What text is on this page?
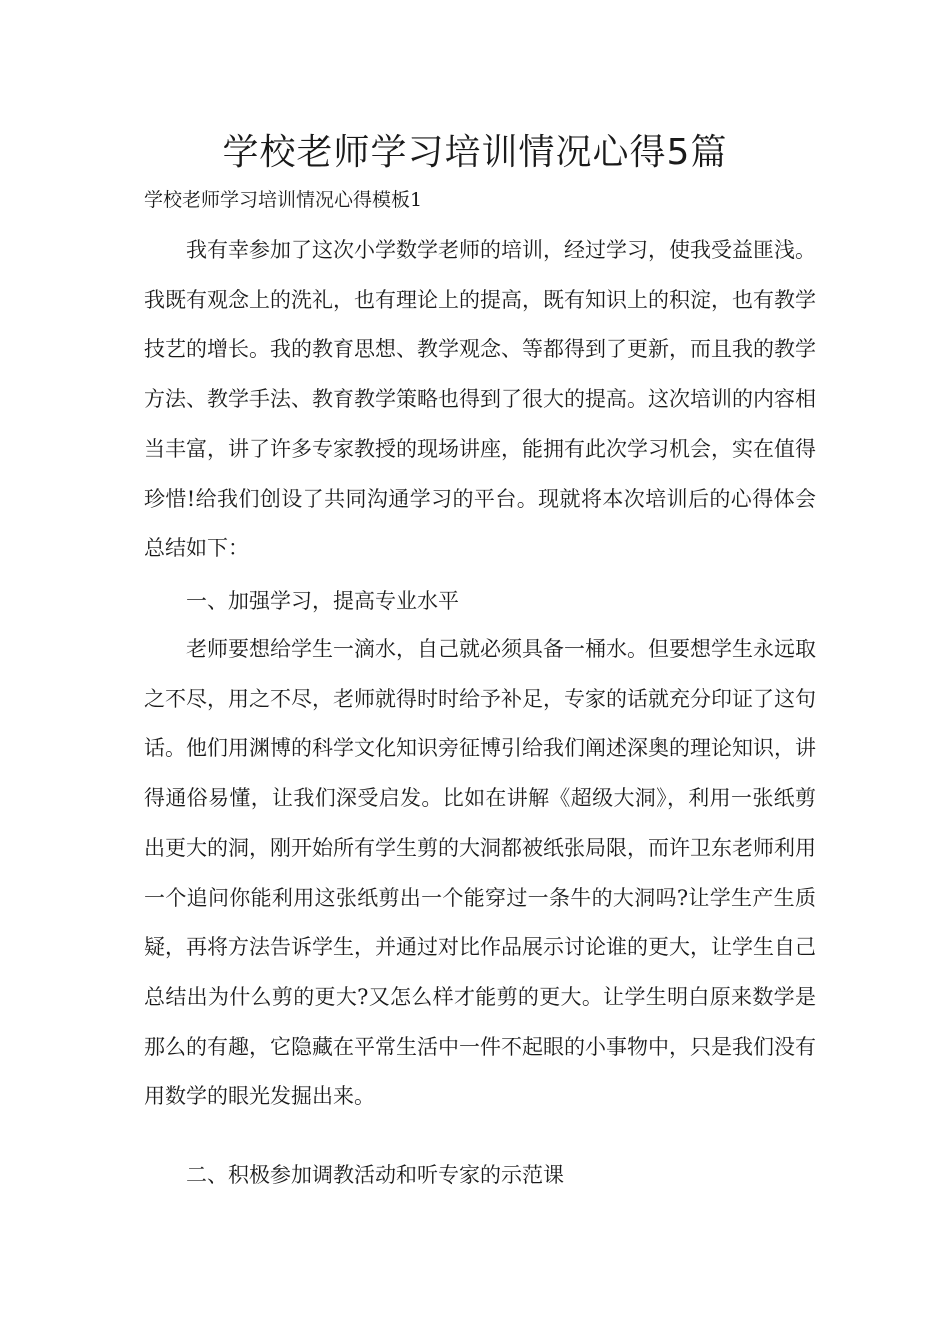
学校老师学习培训情况心得5篇

学校老师学习培训情况心得模板1

我有幸参加了这次小学数学老师的培训，经过学习，使我受益匪浅。我既有观念上的洗礼，也有理论上的提高，既有知识上的积淀，也有教学技艺的增长。我的教育思想、教学观念、等都得到了更新，而且我的教学方法、教学手法、教育教学策略也得到了很大的提高。这次培训的内容相当丰富，讲了许多专家教授的现场讲座，能拥有此次学习机会，实在值得珍惜!给我们创设了共同沟通学习的平台。现就将本次培训后的心得体会总结如下：

一、加强学习，提高专业水平

老师要想给学生一滴水，自己就必须具备一桶水。但要想学生永远取之不尽，用之不尽，老师就得时时给予补足，专家的话就充分印证了这句话。他们用渊博的科学文化知识旁征博引给我们阐述深奥的理论知识，讲得通俗易懂，让我们深受启发。比如在讲解《超级大洞》，利用一张纸剪出更大的洞，刚开始所有学生剪的大洞都被纸张局限，而许卫东老师利用一个追问你能利用这张纸剪出一个能穿过一条牛的大洞吗?让学生产生质疑，再将方法告诉学生，并通过对比作品展示讨论谁的更大，让学生自己总结出为什么剪的更大?又怎么样才能剪的更大。让学生明白原来数学是那么的有趣，它隐藏在平常生活中一件不起眼的小事物中，只是我们没有用数学的眼光发掘出来。

二、积极参加调教活动和听专家的示范课
